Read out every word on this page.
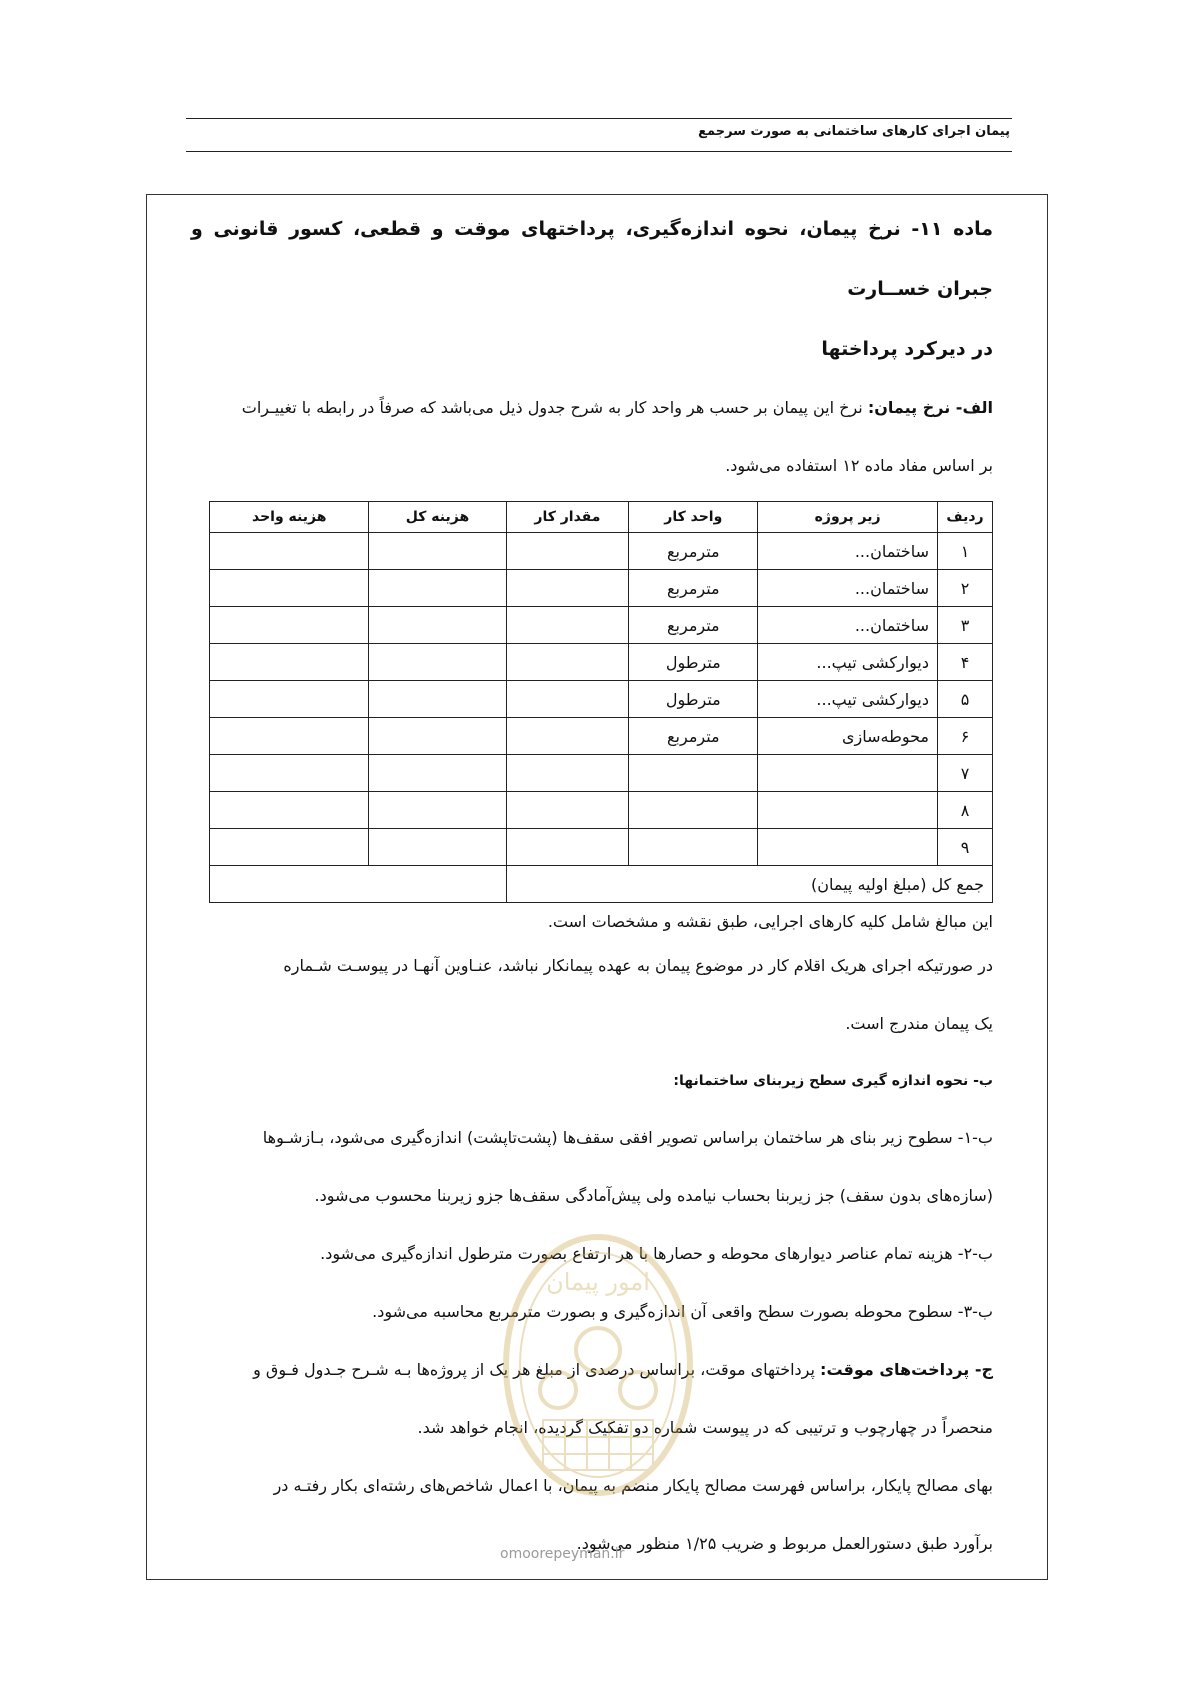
پیمان اجرای کارهای ساختمانی به صورت سرجمع
ماده ۱۱- نرخ پیمان، نحوه اندازه‌گیری، پرداختهای موقت و قطعی، کسور قانونی و جبران خســارت
در دیرکرد پرداختها

الف- نرخ پیمان: نرخ این پیمان بر حسب هر واحد کار به شرح جدول ذیل می‌باشد که صرفاً در رابطه با تغییـرات

بر اساس مفاد ماده ۱۲ استفاده می‌شود.

ردیف	زیر پروژه	واحد کار	مقدار کار	هزینه کل	هزینه واحد
۱	ساختمان...	مترمربع			
۲	ساختمان...	مترمربع			
۳	ساختمان...	مترمربع			
۴	دیوارکشی تیپ...	مترطول			
۵	دیوارکشی تیپ...	مترطول			
۶	محوطه‌سازی	مترمربع			
۷					
۸					
۹					
جمع کل (مبلغ اولیه پیمان)					

این مبالغ شامل کلیه کارهای اجرایی، طبق نقشه و مشخصات است.

در صورتیکه اجرای هریک اقلام کار در موضوع پیمان به عهده پیمانکار نباشد، عنـاوین آنهـا در پیوسـت شـماره

یک پیمان مندرج است.

ب- نحوه اندازه گیری سطح زیربنای ساختمانها:

ب-۱- سطوح زیر بنای هر ساختمان براساس تصویر افقی سقف‌ها (پشت‌تاپشت) اندازه‌گیری می‌شود، بـازشـوها

(سازه‌های بدون سقف) جز زیربنا بحساب نیامده ولی پیش‌آمادگی سقف‌ها جزو زیربنا محسوب می‌شود.

ب-۲- هزینه تمام عناصر دیوارهای محوطه و حصارها با هر ارتفاع بصورت مترطول اندازه‌گیری می‌شود.

ب-۳- سطوح محوطه بصورت سطح واقعی آن اندازه‌گیری و بصورت مترمربع محاسبه می‌شود.

ج- پرداخت‌های موقت: پرداختهای موقت، براساس درصدی از مبلغ هر یک از پروژه‌ها بـه شـرح جـدول فـوق و

منحصراً در چهارچوب و ترتیبی که در پیوست شماره دو تفکیک گردیده، انجام خواهد شد.

بهای مصالح پایکار، براساس فهرست مصالح پایکار منضم به پیمان، با اعمال شاخص‌های رشته‌ای بکار رفتـه در

برآورد طبق دستورالعمل مربوط و ضریب ۱/۲۵ منظور می‌شود.

امور پیمان
omoorepeyman.ir
